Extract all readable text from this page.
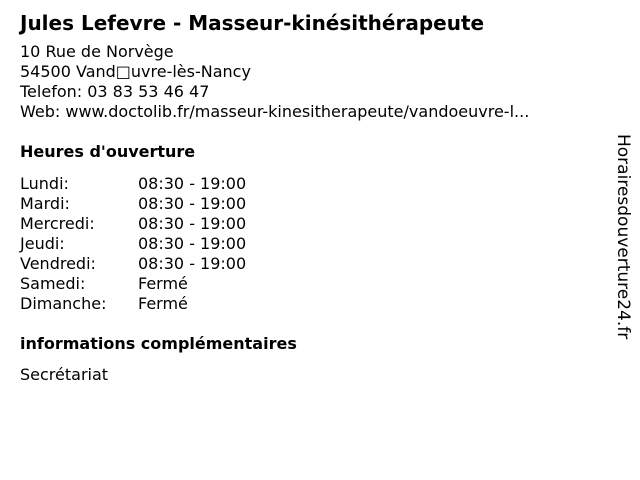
Jules Lefevre - Masseur-kinésithérapeute
10 Rue de Norvège
54500 Vand□uvre-lès-Nancy
Telefon: 03 83 53 46 47
Web: www.doctolib.fr/masseur-kinesitherapeute/vandoeuvre-l...
Heures d'ouverture
Lundi:	08:30 - 19:00
Mardi:	08:30 - 19:00
Mercredi:	08:30 - 19:00
Jeudi:	08:30 - 19:00
Vendredi:	08:30 - 19:00
Samedi:	Fermé
Dimanche:	Fermé
informations complémentaires
Secrétariat
Horairesdouverture24.fr
